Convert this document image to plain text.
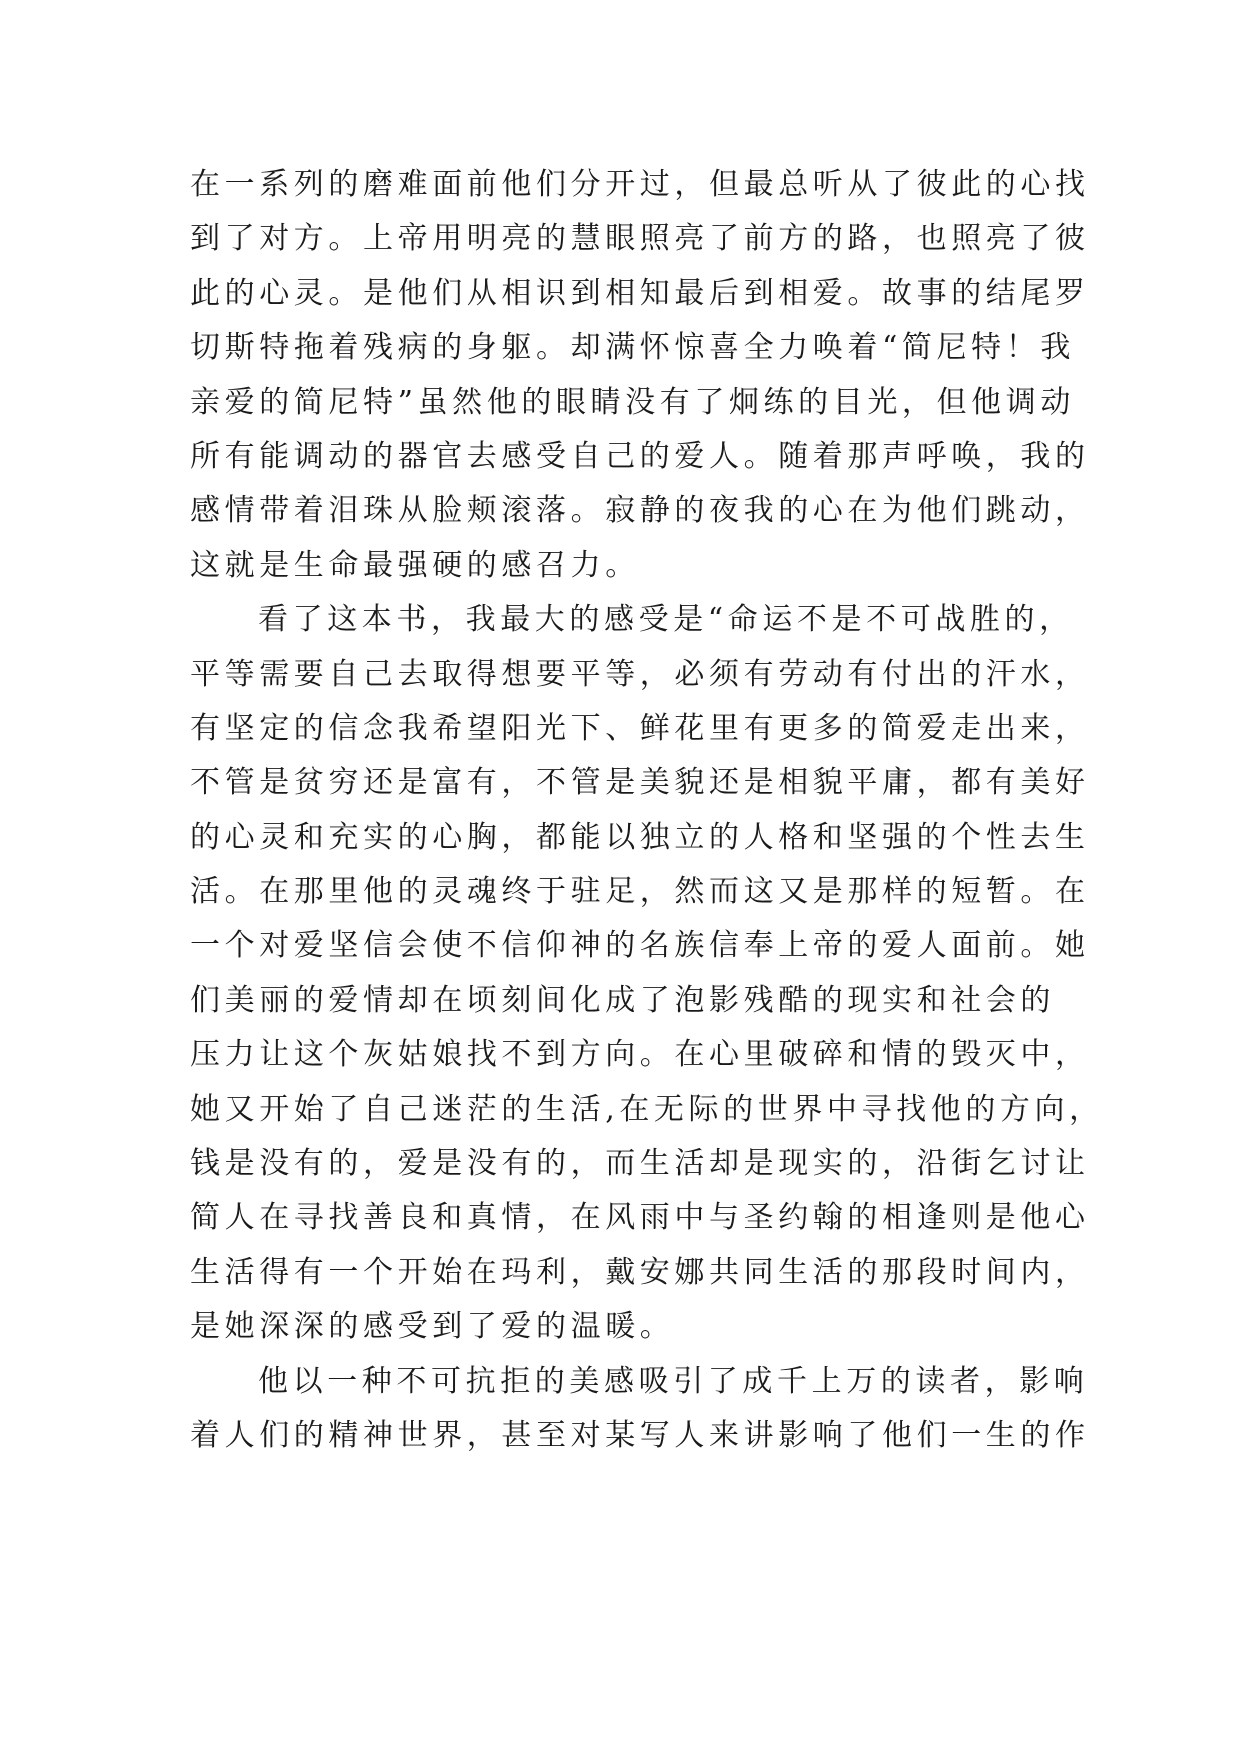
在一系列的磨难面前他们分开过，但最总听从了彼此的心找
到了对方。上帝用明亮的慧眼照亮了前方的路，也照亮了彼
此的心灵。是他们从相识到相知最后到相爱。故事的结尾罗
切斯特拖着残病的身躯。却满怀惊喜全力唤着“简尼特！我
亲爱的简尼特”虽然他的眼睛没有了炯练的目光，但他调动
所有能调动的器官去感受自己的爱人。随着那声呼唤，我的
感情带着泪珠从脸颊滚落。寂静的夜我的心在为他们跳动，
这就是生命最强硬的感召力。
看了这本书，我最大的感受是“命运不是不可战胜的，
平等需要自己去取得想要平等，必须有劳动有付出的汗水，
有坚定的信念我希望阳光下、鲜花里有更多的简爱走出来，
不管是贫穷还是富有，不管是美貌还是相貌平庸，都有美好
的心灵和充实的心胸，都能以独立的人格和坚强的个性去生
活。在那里他的灵魂终于驻足，然而这又是那样的短暂。在
一个对爱坚信会使不信仰神的名族信奉上帝的爱人面前。她
们美丽的爱情却在顷刻间化成了泡影残酷的现实和社会的
压力让这个灰姑娘找不到方向。在心里破碎和情的毁灭中，
她又开始了自己迷茫的生活,在无际的世界中寻找他的方向，
钱是没有的，爱是没有的，而生活却是现实的，沿街乞讨让
简人在寻找善良和真情，在风雨中与圣约翰的相逢则是他心
生活得有一个开始在玛利，戴安娜共同生活的那段时间内，
是她深深的感受到了爱的温暖。
他以一种不可抗拒的美感吸引了成千上万的读者，影响
着人们的精神世界，甚至对某写人来讲影响了他们一生的作
